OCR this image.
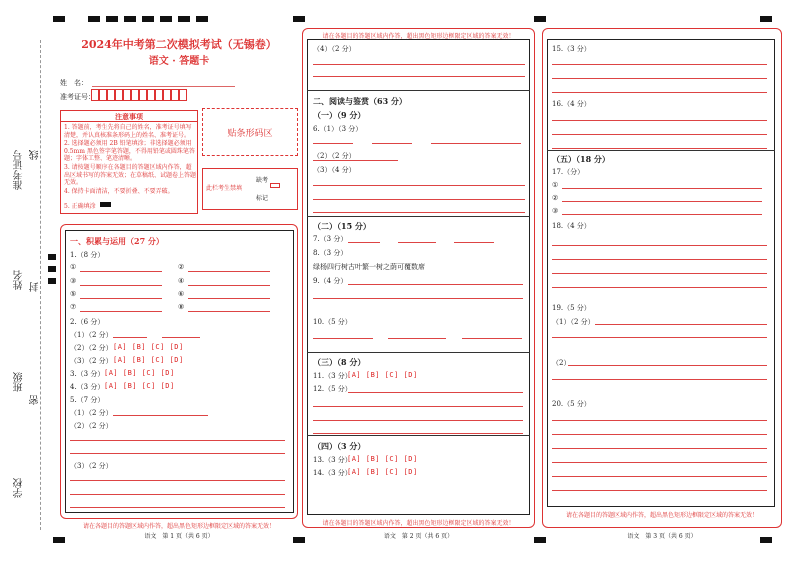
准考证号 线
姓名 封
班级
密
学校
2024年中考第二次模拟考试（无锡卷）
语文 · 答题卡
姓　名：
准考证号：
注意事项
1. 答题前，考生先将自己的姓名，准考证号填写清楚，并认真核准条形码上的姓名、准考证号。
2. 选择题必须用 2B 铅笔填涂；非选择题必须用 0.5mm 黑色签字笔答题，不得用铅笔或圆珠笔答题；字体工整、笔迹清晰。
3. 请按题号顺序在各题目的答题区域内作答，超出区域书写的答案无效；在草稿纸、试题卷上答题无效。
4. 保持卡面清洁，不要折叠、不要弄破。
5. 正确填涂
贴条形码区
此栏考生禁填
缺考
标记
一、积累与运用（27 分）
1.（8 分）
①	②
③	④
⑤	⑥
⑦	⑧
2.（6 分）
（1）（2 分）
（2）（2 分） [A] [B] [C] [D]
（3）（2 分） [A] [B] [C] [D]
3.（3 分） [A] [B] [C] [D]
4.（3 分） [A] [B] [C] [D]
5.（7 分）
（1）（2 分）
（2）（2 分）
（3）（2 分）
请在各题目的答题区域内作答，超出黑色矩形边框限定区域的答案无效！
语文　第 1 页（共 6 页）
请在各题目的答题区域内作答，超出黑色矩形边框限定区域的答案无效！
请在各题目的答题区域内作答，超出黑色矩形边框限定区域的答案无效！
语文　第 2 页（共 6 页）
（4）（2 分）
二、阅读与鉴赏（63 分）
（一）（9 分）
6.（1）（3 分）
（2）（2 分）
（3）（4 分）
（二）（15 分）
7.（3 分）
8.（3 分）
绿杨四行树古叶繁一树之荫可覆数席
9.（4 分）
10.（5 分）
（三）（8 分）
11.（3 分）
[A] [B] [C] [D]
12.（5 分）
（四）（3 分）
13.（3 分）
[A] [B] [C] [D]
14.（3 分）
[A] [B] [C] [D]
请在各题目的答题区域内作答，超出黑色矩形边框限定区域的答案无效！
语文　第 3 页（共 6 页）
15.（3 分）
16.（4 分）
（五）（18 分）
17.（分）
①
②
③
18.（4 分）
19.（5 分）
（1）（2 分）
（2）
20.（5 分）
